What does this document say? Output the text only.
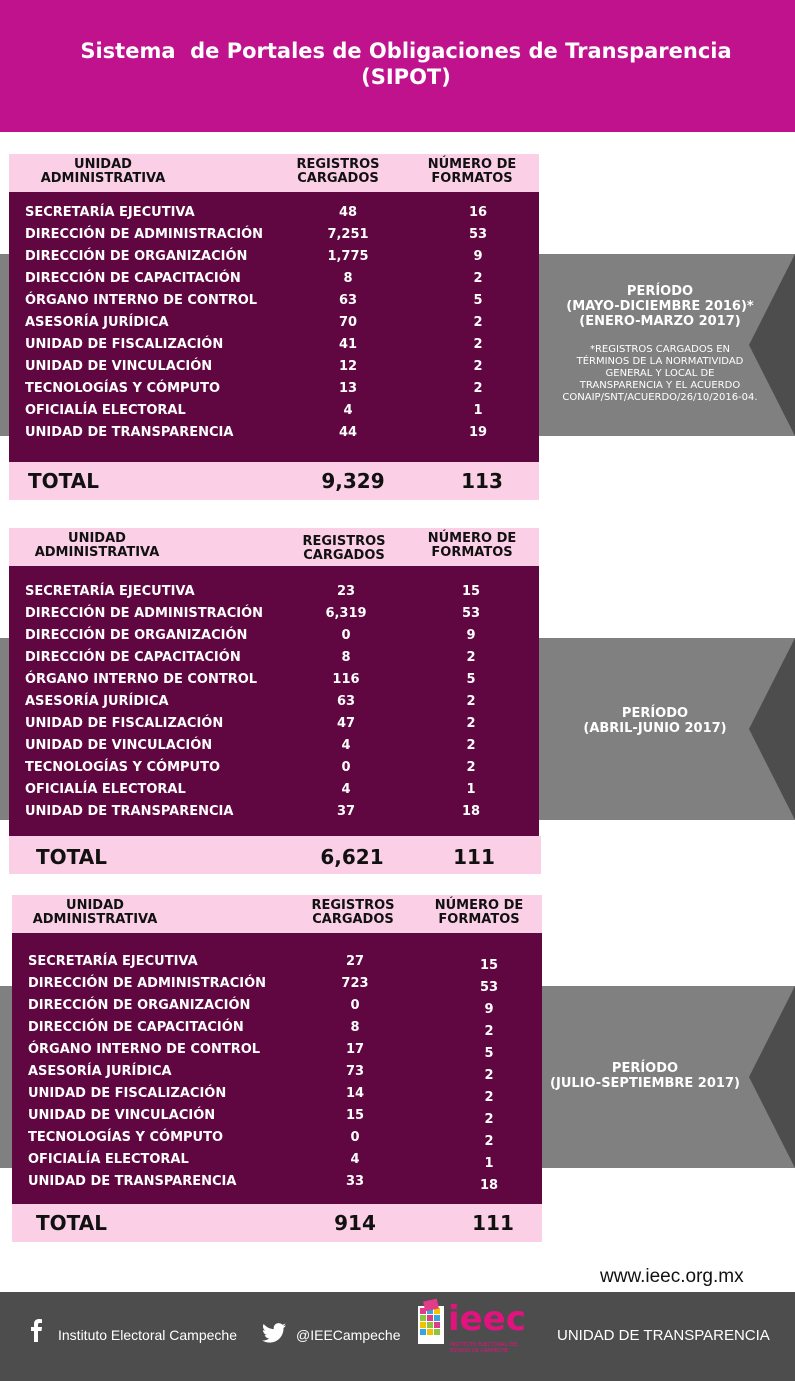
Sistema  de Portales de Obligaciones de Transparencia
(SIPOT)
PERÍODO
(MAYO-DICIEMBRE 2016)*
(ENERO-MARZO 2017)
*REGISTROS CARGADOS EN
TÉRMINOS DE LA NORMATIVIDAD
GENERAL Y LOCAL DE
TRANSPARENCIA Y EL ACUERDO
CONAIP/SNT/ACUERDO/26/10/2016-04.
PERÍODO
(ABRIL-JUNIO 2017)
PERÍODO
(JULIO-SEPTIEMBRE 2017)
UNIDAD
ADMINISTRATIVA
REGISTROS
CARGADOS
NÚMERO DE
FORMATOS
SECRETARÍA EJECUTIVA	48	16
DIRECCIÓN DE ADMINISTRACIÓN	7,251	53
DIRECCIÓN DE ORGANIZACIÓN	1,775	9
DIRECCIÓN DE CAPACITACIÓN	8	2
ÓRGANO INTERNO DE CONTROL	63	5
ASESORÍA JURÍDICA	70	2
UNIDAD DE FISCALIZACIÓN	41	2
UNIDAD DE VINCULACIÓN	12	2
TECNOLOGÍAS Y CÓMPUTO	13	2
OFICIALÍA ELECTORAL	4	1
UNIDAD DE TRANSPARENCIA	44	19
TOTAL	9,329	113
UNIDAD
ADMINISTRATIVA
REGISTROS
CARGADOS
NÚMERO DE
FORMATOS
SECRETARÍA EJECUTIVA	23	15
DIRECCIÓN DE ADMINISTRACIÓN	6,319	53
DIRECCIÓN DE ORGANIZACIÓN	0	9
DIRECCIÓN DE CAPACITACIÓN	8	2
ÓRGANO INTERNO DE CONTROL	116	5
ASESORÍA JURÍDICA	63	2
UNIDAD DE FISCALIZACIÓN	47	2
UNIDAD DE VINCULACIÓN	4	2
TECNOLOGÍAS Y CÓMPUTO	0	2
OFICIALÍA ELECTORAL	4	1
UNIDAD DE TRANSPARENCIA	37	18
TOTAL	6,621	111
UNIDAD
ADMINISTRATIVA
REGISTROS
CARGADOS
NÚMERO DE
FORMATOS
SECRETARÍA EJECUTIVA	27	15
DIRECCIÓN DE ADMINISTRACIÓN	723	53
DIRECCIÓN DE ORGANIZACIÓN	0	9
DIRECCIÓN DE CAPACITACIÓN	8	2
ÓRGANO INTERNO DE CONTROL	17	5
ASESORÍA JURÍDICA	73	2
UNIDAD DE FISCALIZACIÓN	14	2
UNIDAD DE VINCULACIÓN	15	2
TECNOLOGÍAS Y CÓMPUTO	0	2
OFICIALÍA ELECTORAL	4	1
UNIDAD DE TRANSPARENCIA	33	18
TOTAL	914	111
www.ieec.org.mx
Instituto Electoral Campeche	@IEECampeche ieec
INSTITUTO ELECTORAL DEL
ESTADO DE CAMPECHE
UNIDAD DE TRANSPARENCIA
